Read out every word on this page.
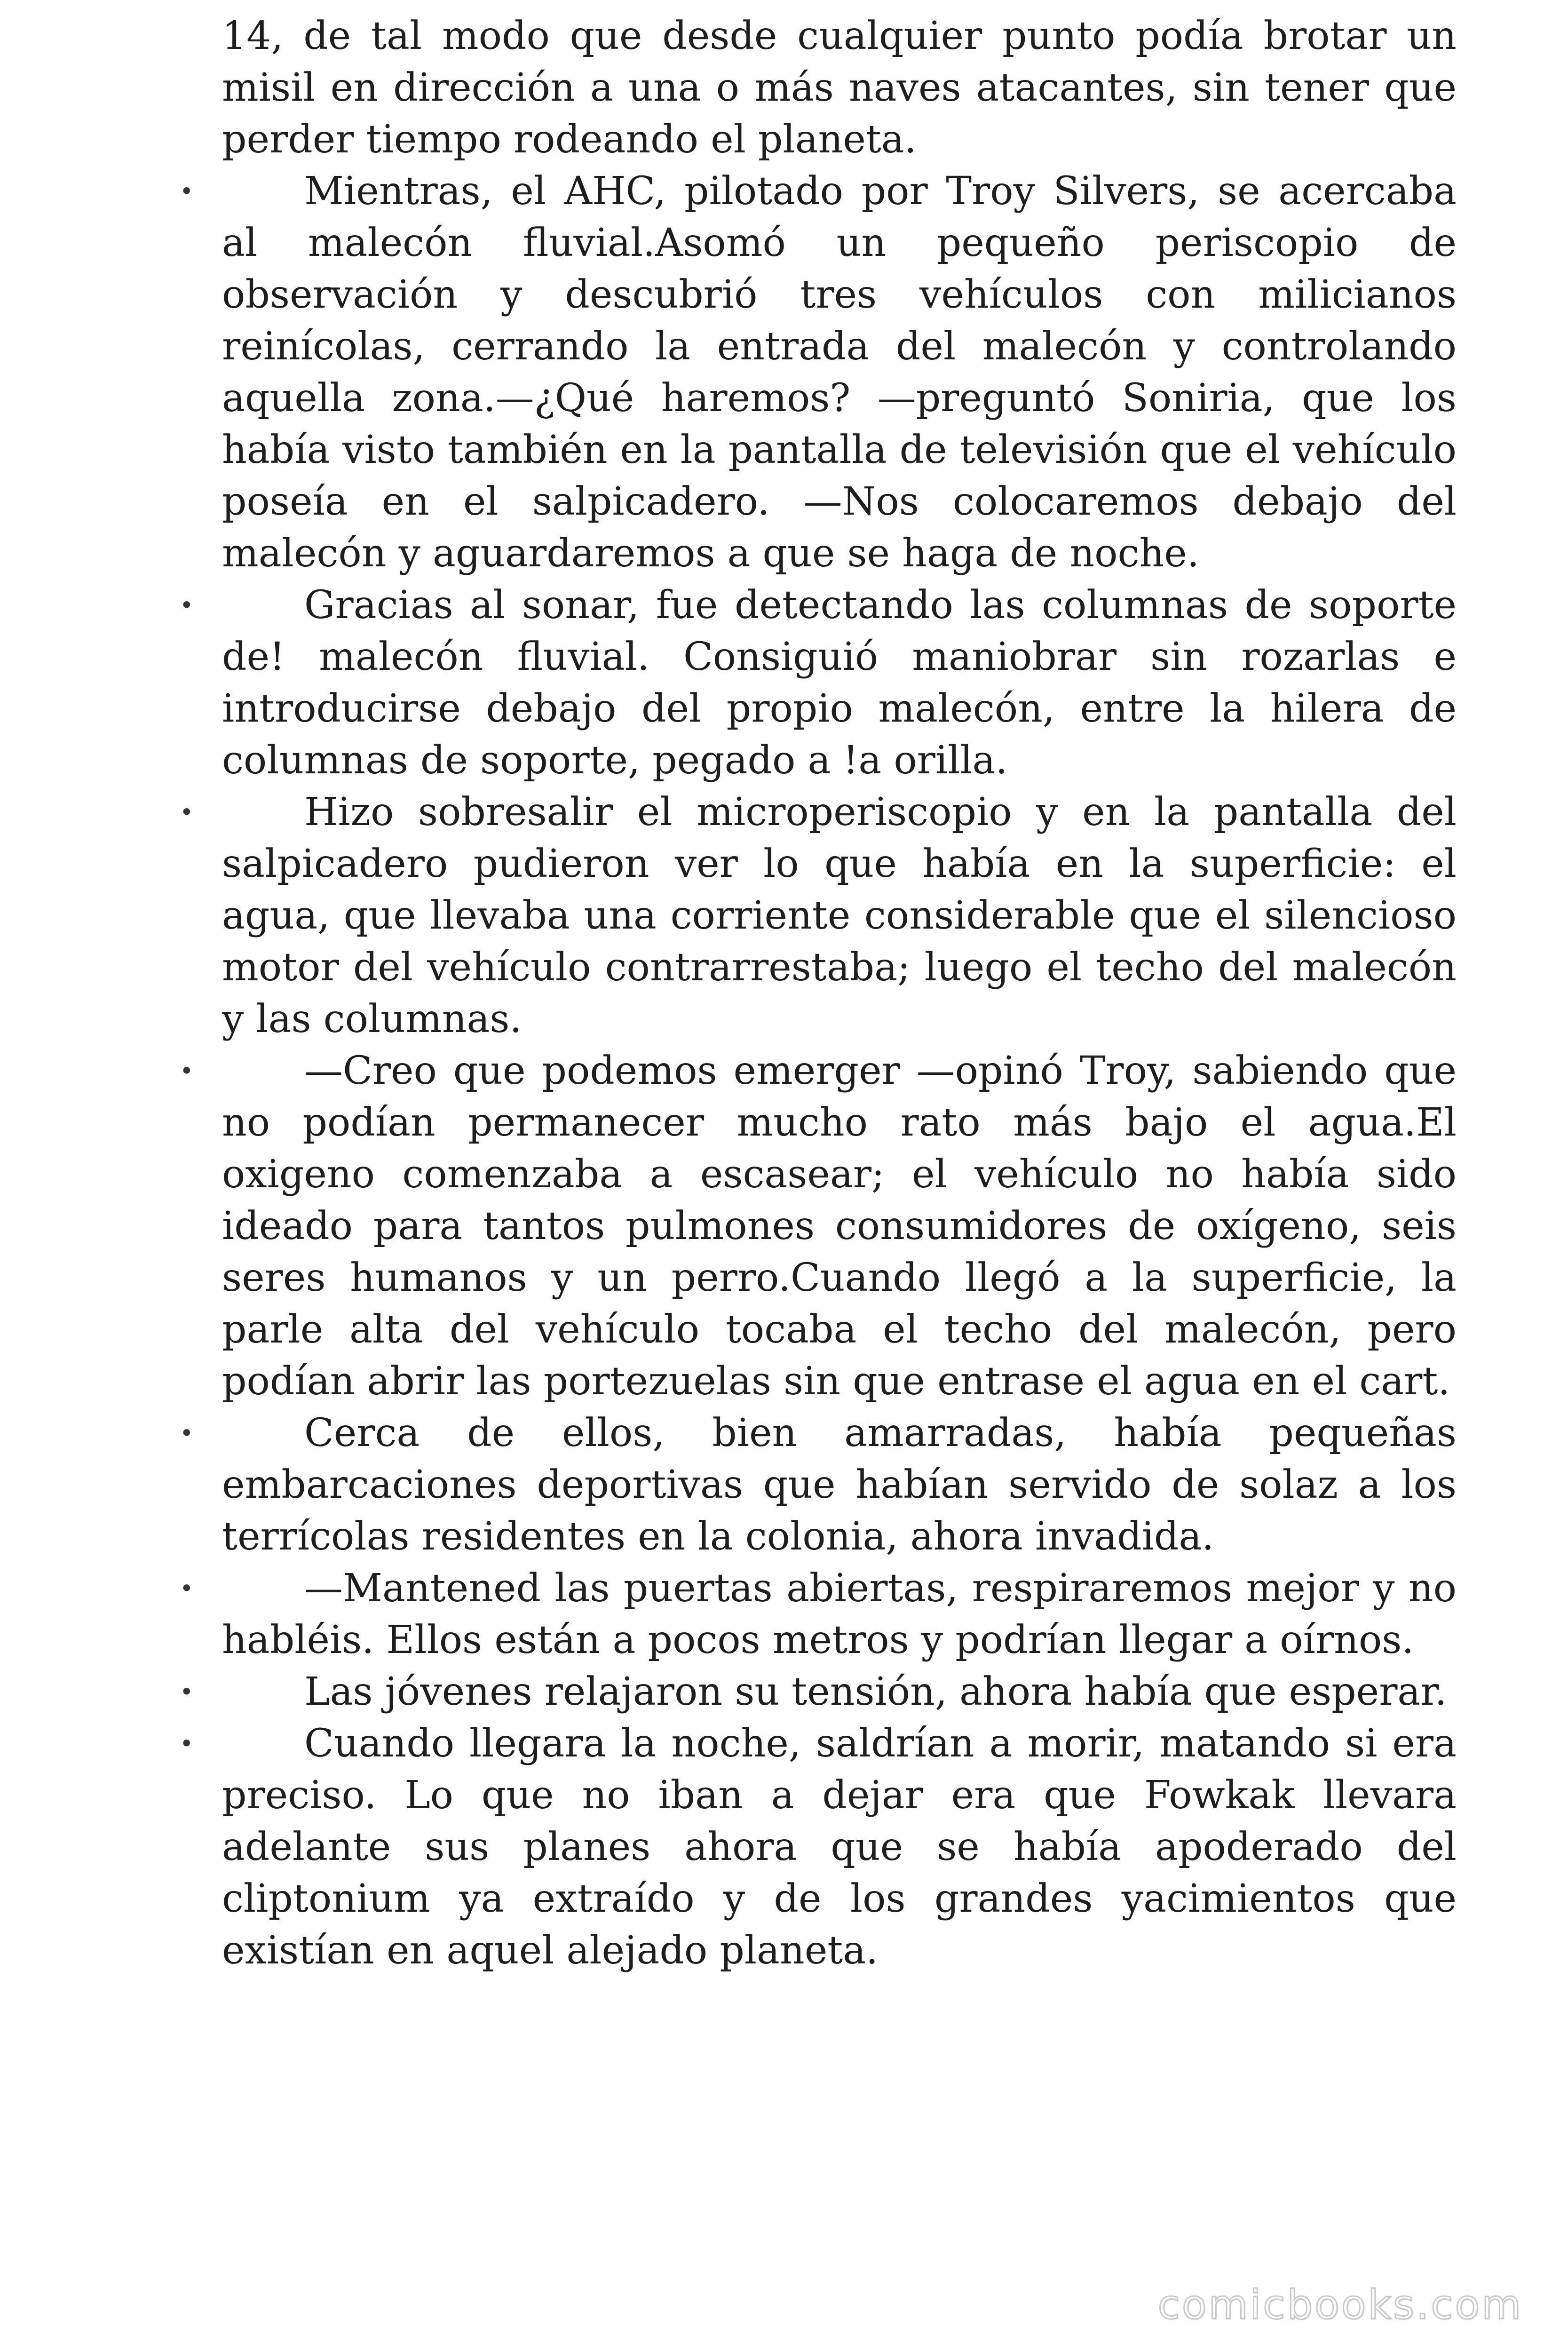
14, de tal modo que desde cualquier punto podía brotar un misil en dirección a una o más naves atacantes, sin tener que perder tiempo rodeando el planeta.

•	Mientras, el AHC, pilotado por Troy Silvers, se acercaba al malecón fluvial.Asomó un pequeño periscopio de observación y descubrió tres vehículos con milicianos reinícolas, cerrando la entrada del malecón y controlando aquella zona.—¿Qué haremos? —preguntó Soniria, que los había visto también en la pantalla de televisión que el vehículo poseía en el salpicadero. —Nos colocaremos debajo del malecón y aguardaremos a que se haga de noche.

•	Gracias al sonar, fue detectando las columnas de soporte de! malecón fluvial. Consiguió maniobrar sin rozarlas e introducirse debajo del propio malecón, entre la hilera de columnas de soporte, pegado a !a orilla.

•	Hizo sobresalir el microperiscopio y en la pantalla del salpicadero pudieron ver lo que había en la superficie: el agua, que llevaba una corriente considerable que el silencioso motor del vehículo contrarrestaba; luego el techo del malecón y las columnas.

•	—Creo que podemos emerger —opinó Troy, sabiendo que no podían permanecer mucho rato más bajo el agua.El oxigeno comenzaba a escasear; el vehículo no había sido ideado para tantos pulmones consumidores de oxígeno, seis seres humanos y un perro.Cuando llegó a la superficie, la parle alta del vehículo tocaba el techo del malecón, pero podían abrir las portezuelas sin que entrase el agua en el cart.

•	Cerca de ellos, bien amarradas, había pequeñas embarcaciones deportivas que habían servido de solaz a los terrícolas residentes en la colonia, ahora invadida.

•	—Mantened las puertas abiertas, respiraremos mejor y no habléis. Ellos están a pocos metros y podrían llegar a oírnos.

•	Las jóvenes relajaron su tensión, ahora había que esperar.

•	Cuando llegara la noche, saldrían a morir, matando si era preciso. Lo que no iban a dejar era que Fowkak llevara adelante sus planes ahora que se había apoderado del cliptonium ya extraído y de los grandes yacimientos que existían en aquel alejado planeta.

comicbooks.com
